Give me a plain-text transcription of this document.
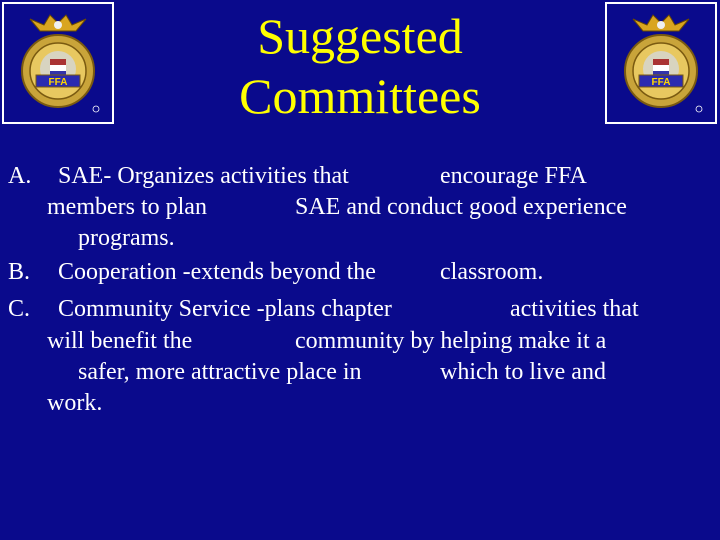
FFA	FFA
Suggested
Committees
A. SAE- Organizes activities that	encourage FFA
members to plan	SAE and conduct good experience
programs.
B. Cooperation -extends beyond the	classroom.
C. Community Service -plans chapter	activities that
will benefit the	community by helping make it a
safer, more attractive place in	which to live and
work.
